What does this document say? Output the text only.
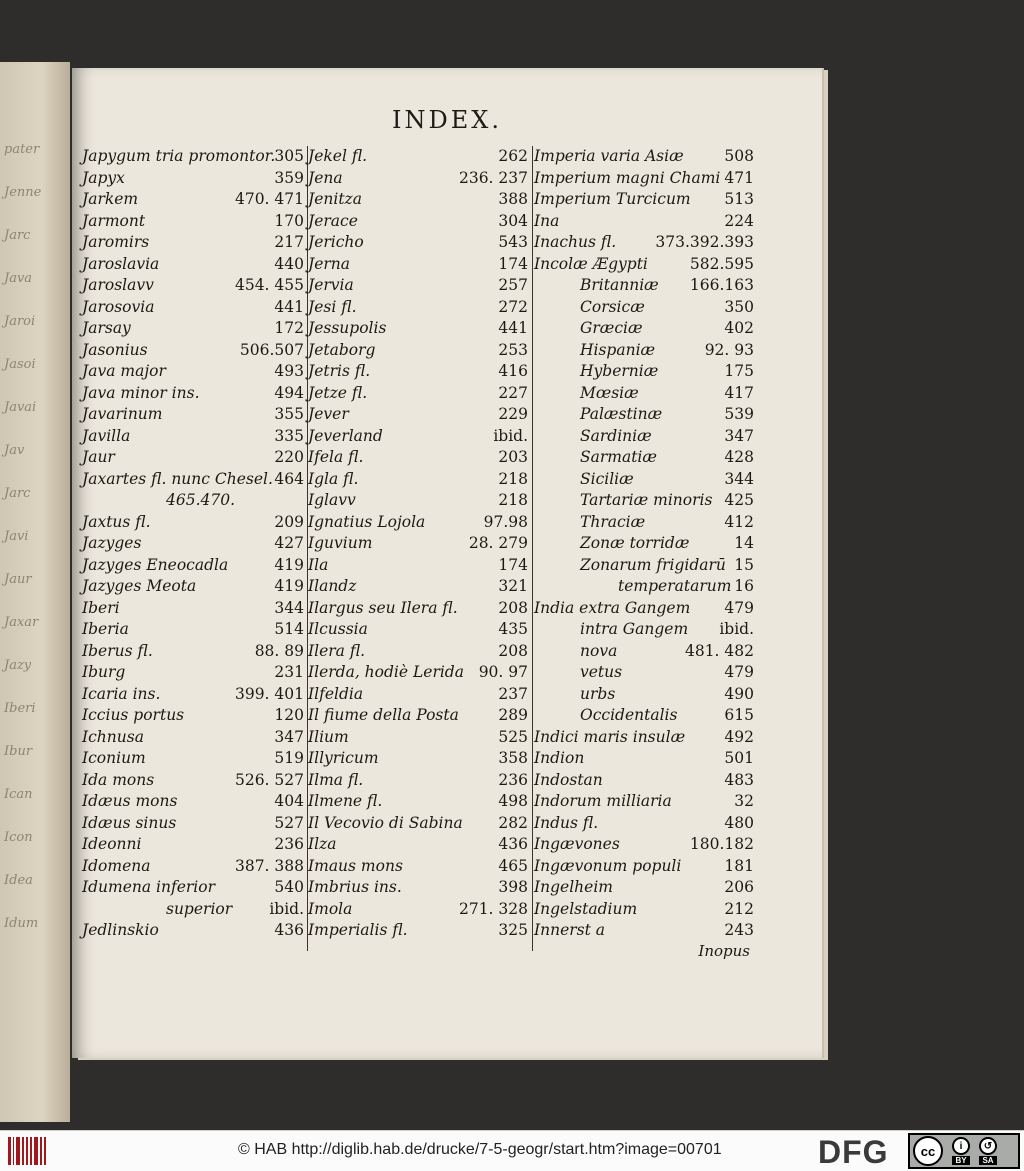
pater
Jenne
Jarc
Java
Jaroi
Jasoi
Javai
Jav
Jarc
Javi
Jaur
Jaxar
Jazy
Iberi
Ibur
Ican
Icon
Idea
Idum
INDEX.
Japygum tria promontor. 305
Japyx	359
Jarkem	470. 471
Jarmont	170
Jaromirs	217
Jaroslavia	440
Jaroslavv	454. 455
Jarosovia	441
Jarsay	172
Jasonius	506.507
Java major	493
Java minor ins.	494
Javarinum	355
Javilla	335
Jaur	220
Jaxartes fl. nunc Chesel. 464
465.470.
Jaxtus fl.	209
Jazyges	427
Jazyges Eneocadla	419
Jazyges Meota	419
Iberi	344
Iberia	514
Iberus fl.	88. 89
Iburg	231
Icaria ins.	399. 401
Iccius portus	120
Ichnusa	347
Iconium	519
Ida mons	526. 527
Idæus mons	404
Idæus sinus	527
Ideonni	236
Idomena	387. 388
Idumena inferior	540
superior ibid.
Jedlinskio	436
Jekel fl.	262
Jena	236. 237
Jenitza	388
Jerace	304
Jericho	543
Jerna	174
Jervia	257
Jesi fl.	272
Jessupolis	441
Jetaborg	253
Jetris fl.	416
Jetze fl.	227
Jever	229
Jeverland	ibid.
Ifela fl.	203
Igla fl.	218
Iglavv	218
Ignatius Lojola	97.98
Iguvium	28. 279
Ila	174
Ilandz	321
Ilargus seu Ilera fl.	208
Ilcussia	435
Ilera fl.	208
Ilerda, hodiè Lerida 90. 97
Ilfeldia	237
Il fiume della Posta	289
Ilium	525
Illyricum	358
Ilma fl.	236
Ilmene fl.	498
Il Vecovio di Sabina 282
Ilza	436
Imaus mons	465
Imbrius ins.	398
Imola	271. 328
Imperialis fl.	325
Imperia varia Asiæ	508
Imperium magni Chami 471
Imperium Turcicum 513
Ina	224
Inachus fl.	373.392.393
Incolæ Ægypti	582.595
Britanniæ 166.163
Corsicæ	350
Græciæ	402
Hispaniæ	92. 93
Hyberniæ	175
Mœsiæ	417
Palæstinæ	539
Sardiniæ	347
Sarmatiæ	428
Siciliæ	344
Tartariæ minoris 425
Thraciæ	412
Zonæ torridæ	14
Zonarum frigidarū 15
temperatarum 16
India extra Gangem 479
intra Gangem ibid.
nova	481. 482
vetus	479
urbs	490
Occidentalis	615
Indici maris insulæ	492
Indion	501
Indostan	483
Indorum milliaria	32
Indus fl.	480
Ingævones	180.182
Ingævonum populi	181
Ingelheim	206
Ingelstadium	212
Innerst a	243
Inopus
© HAB http://diglib.hab.de/drucke/7-5-geogr/start.htm?image=00701	DFG	cc	i
BY
↺
SA
